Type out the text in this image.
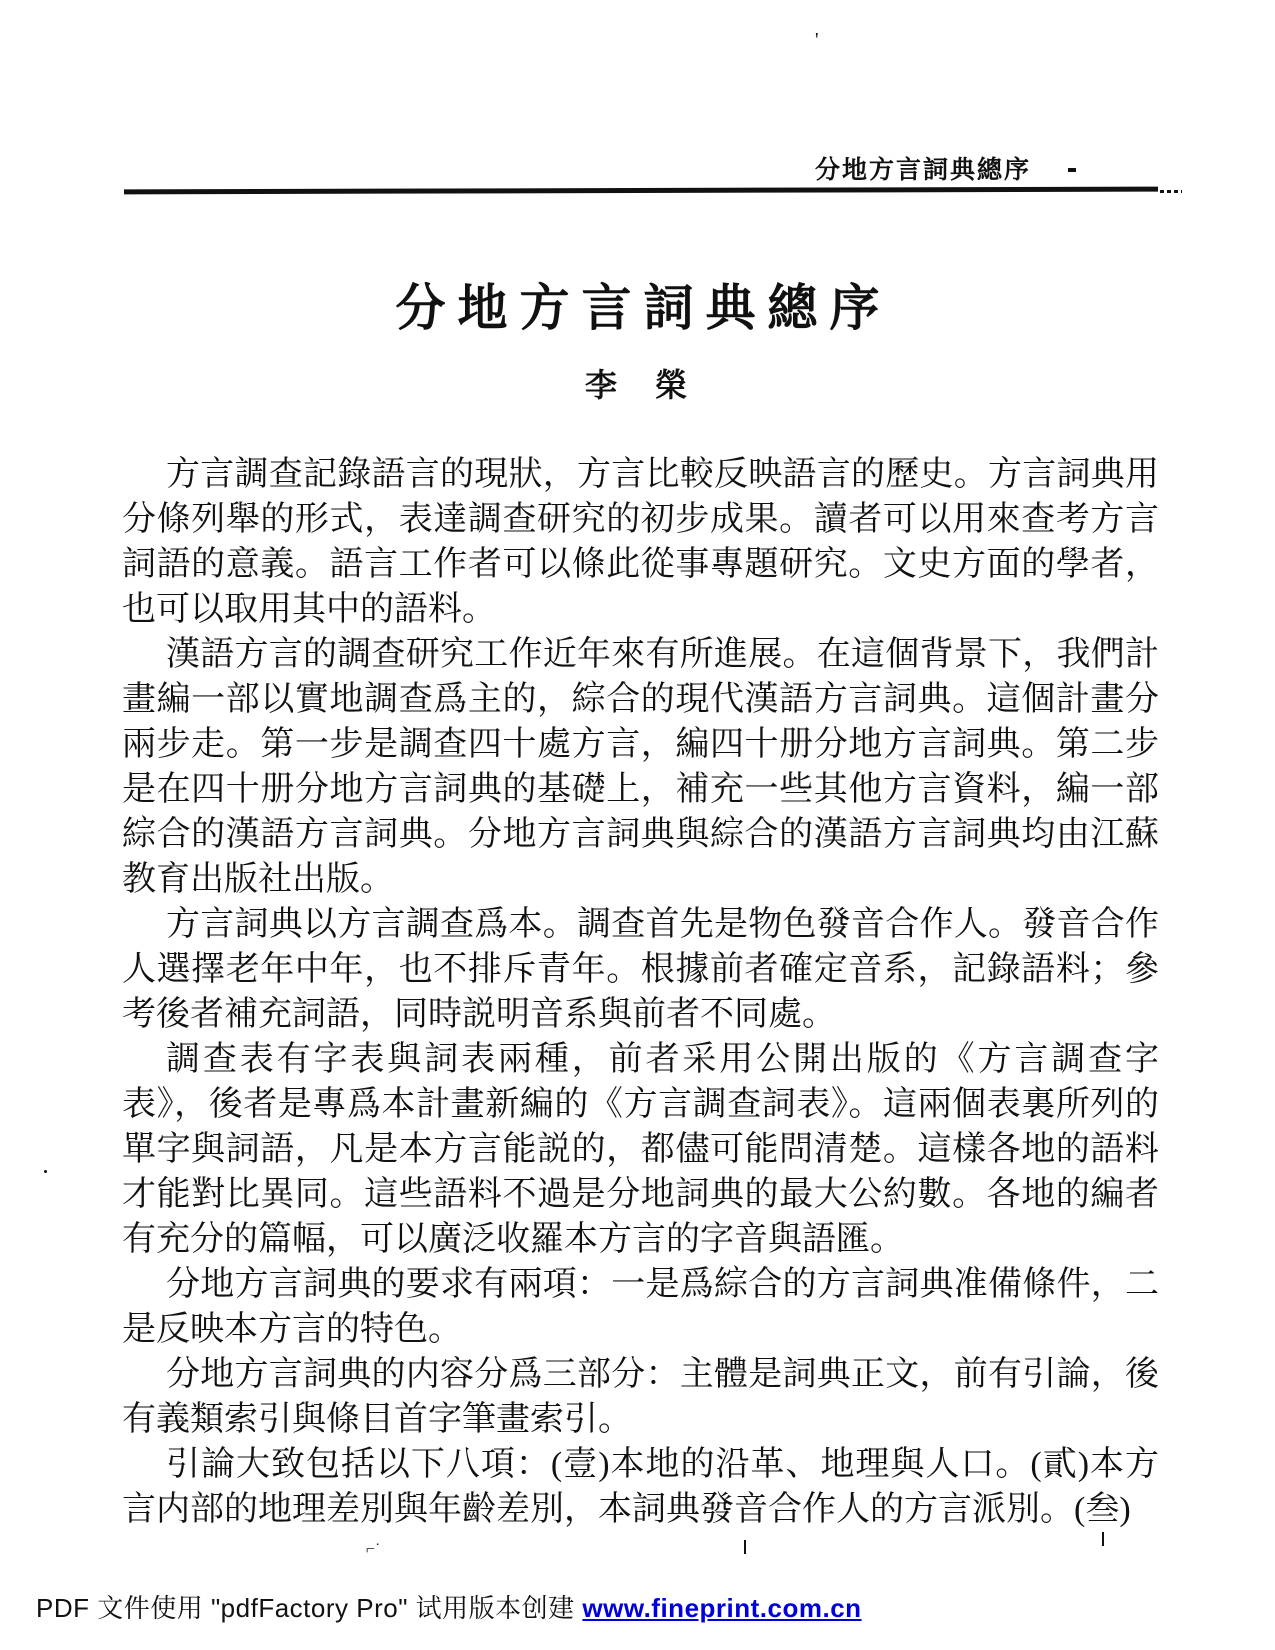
分地方言詞典總序
'
⌐˙
分地方言詞典總序
李　榮

方言調查記錄語言的現狀，方言比較反映語言的歷史。方言詞典用分條列舉的形式，表達調查研究的初步成果。讀者可以用來查考方言詞語的意義。語言工作者可以條此從事專題研究。文史方面的學者，也可以取用其中的語料。

漢語方言的調查研究工作近年來有所進展。在這個背景下，我們計畫編一部以實地調查爲主的，綜合的現代漢語方言詞典。這個計畫分兩步走。第一步是調查四十處方言，編四十册分地方言詞典。第二步是在四十册分地方言詞典的基礎上，補充一些其他方言資料，編一部綜合的漢語方言詞典。分地方言詞典與綜合的漢語方言詞典均由江蘇教育出版社出版。

方言詞典以方言調查爲本。調查首先是物色發音合作人。發音合作人選擇老年中年，也不排斥青年。根據前者確定音系，記錄語料；參考後者補充詞語，同時説明音系與前者不同處。

調查表有字表與詞表兩種，前者采用公開出版的《方言調查字表》，後者是專爲本計畫新編的《方言調查詞表》。這兩個表裏所列的單字與詞語，凡是本方言能説的，都儘可能問清楚。這樣各地的語料才能對比異同。這些語料不過是分地詞典的最大公約數。各地的編者有充分的篇幅，可以廣泛收羅本方言的字音與語匯。

分地方言詞典的要求有兩項：一是爲綜合的方言詞典准備條件，二是反映本方言的特色。

分地方言詞典的内容分爲三部分：主體是詞典正文，前有引論，後有義類索引與條目首字筆畫索引。

引論大致包括以下八項：(壹)本地的沿革、地理與人口。(貳)本方言内部的地理差別與年齡差別，本詞典發音合作人的方言派別。(叁)

PDF 文件使用 "pdfFactory Pro" 试用版本创建 www.fineprint.com.cn
